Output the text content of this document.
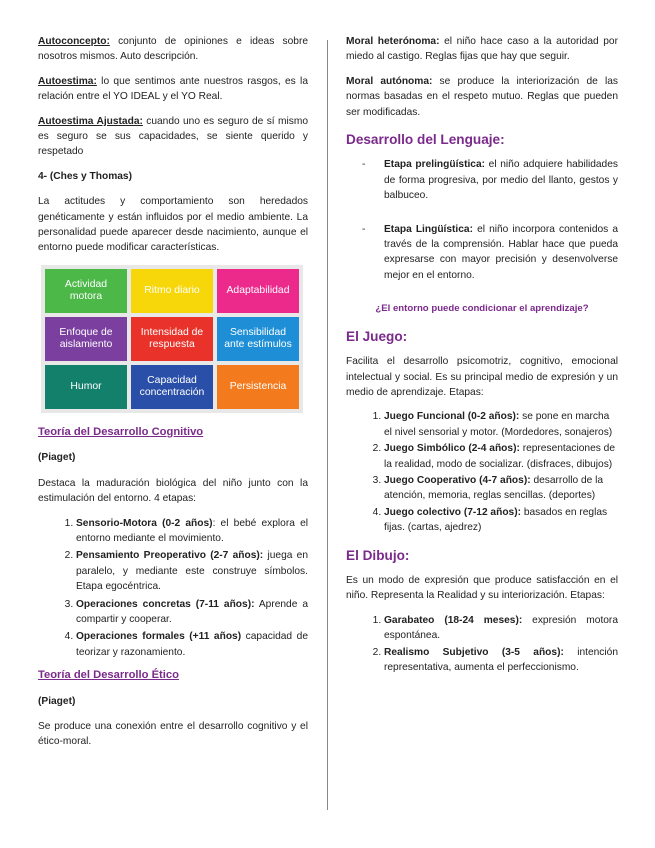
Autoconcepto: conjunto de opiniones e ideas sobre nosotros mismos. Auto descripción.

Autoestima: lo que sentimos ante nuestros rasgos, es la relación entre el YO IDEAL y el YO Real.

Autoestima Ajustada: cuando uno es seguro de sí mismo es seguro se sus capacidades, se siente querido y respetado

4- (Ches y Thomas)

La actitudes y comportamiento son heredados genéticamente y están influidos por el medio ambiente. La personalidad puede aparecer desde nacimiento, aunque el entorno puede modificar características.

Actividad motora
Ritmo diario	Adaptabilidad
Enfoque de aislamiento
Intensidad de respuesta
Sensibilidad ante estímulos
Humor
Capacidad concentración
Persistencia

Teoría del Desarrollo Cognitivo

(Piaget)

Destaca la maduración biológica del niño junto con la estimulación del entorno. 4 etapas:

1. Sensorio-Motora (0-2 años): el bebé explora el entorno mediante el movimiento.
2. Pensamiento Preoperativo (2-7 años): juega en paralelo, y mediante este construye símbolos. Etapa egocéntrica.
3. Operaciones concretas (7-11 años): Aprende a compartir y cooperar.
4. Operaciones formales (+11 años) capacidad de teorizar y razonamiento.

Teoría del Desarrollo Ético

(Piaget)

Se produce una conexión entre el desarrollo cognitivo y el ético-moral.

Moral heterónoma: el niño hace caso a la autoridad por miedo al castigo. Reglas fijas que hay que seguir.

Moral autónoma: se produce la interiorización de las normas basadas en el respeto mutuo. Reglas que pueden ser modificadas.

Desarrollo del Lenguaje:

- Etapa prelingüística: el niño adquiere habilidades de forma progresiva, por medio del llanto, gestos y balbuceo.
- Etapa Lingüística: el niño incorpora contenidos a través de la comprensión. Hablar hace que pueda expresarse con mayor precisión y desenvolverse mejor en el entorno.

¿El entorno puede condicionar el aprendizaje?

El Juego:

Facilita el desarrollo psicomotriz, cognitivo, emocional intelectual y social. Es su principal medio de expresión y un medio de aprendizaje. Etapas:

1. Juego Funcional (0-2 años): se pone en marcha el nivel sensorial y motor. (Mordedores, sonajeros)
2. Juego Simbólico (2-4 años): representaciones de la realidad, modo de socializar. (disfraces, dibujos)
3. Juego Cooperativo (4-7 años): desarrollo de la atención, memoria, reglas sencillas. (deportes)
4. Juego colectivo (7-12 años): basados en reglas fijas. (cartas, ajedrez)

El Dibujo:

Es un modo de expresión que produce satisfacción en el niño. Representa la Realidad y su interiorización. Etapas:

1. Garabateo (18-24 meses): expresión motora espontánea.
2. Realismo Subjetivo (3-5 años): intención representativa, aumenta el perfeccionismo.
